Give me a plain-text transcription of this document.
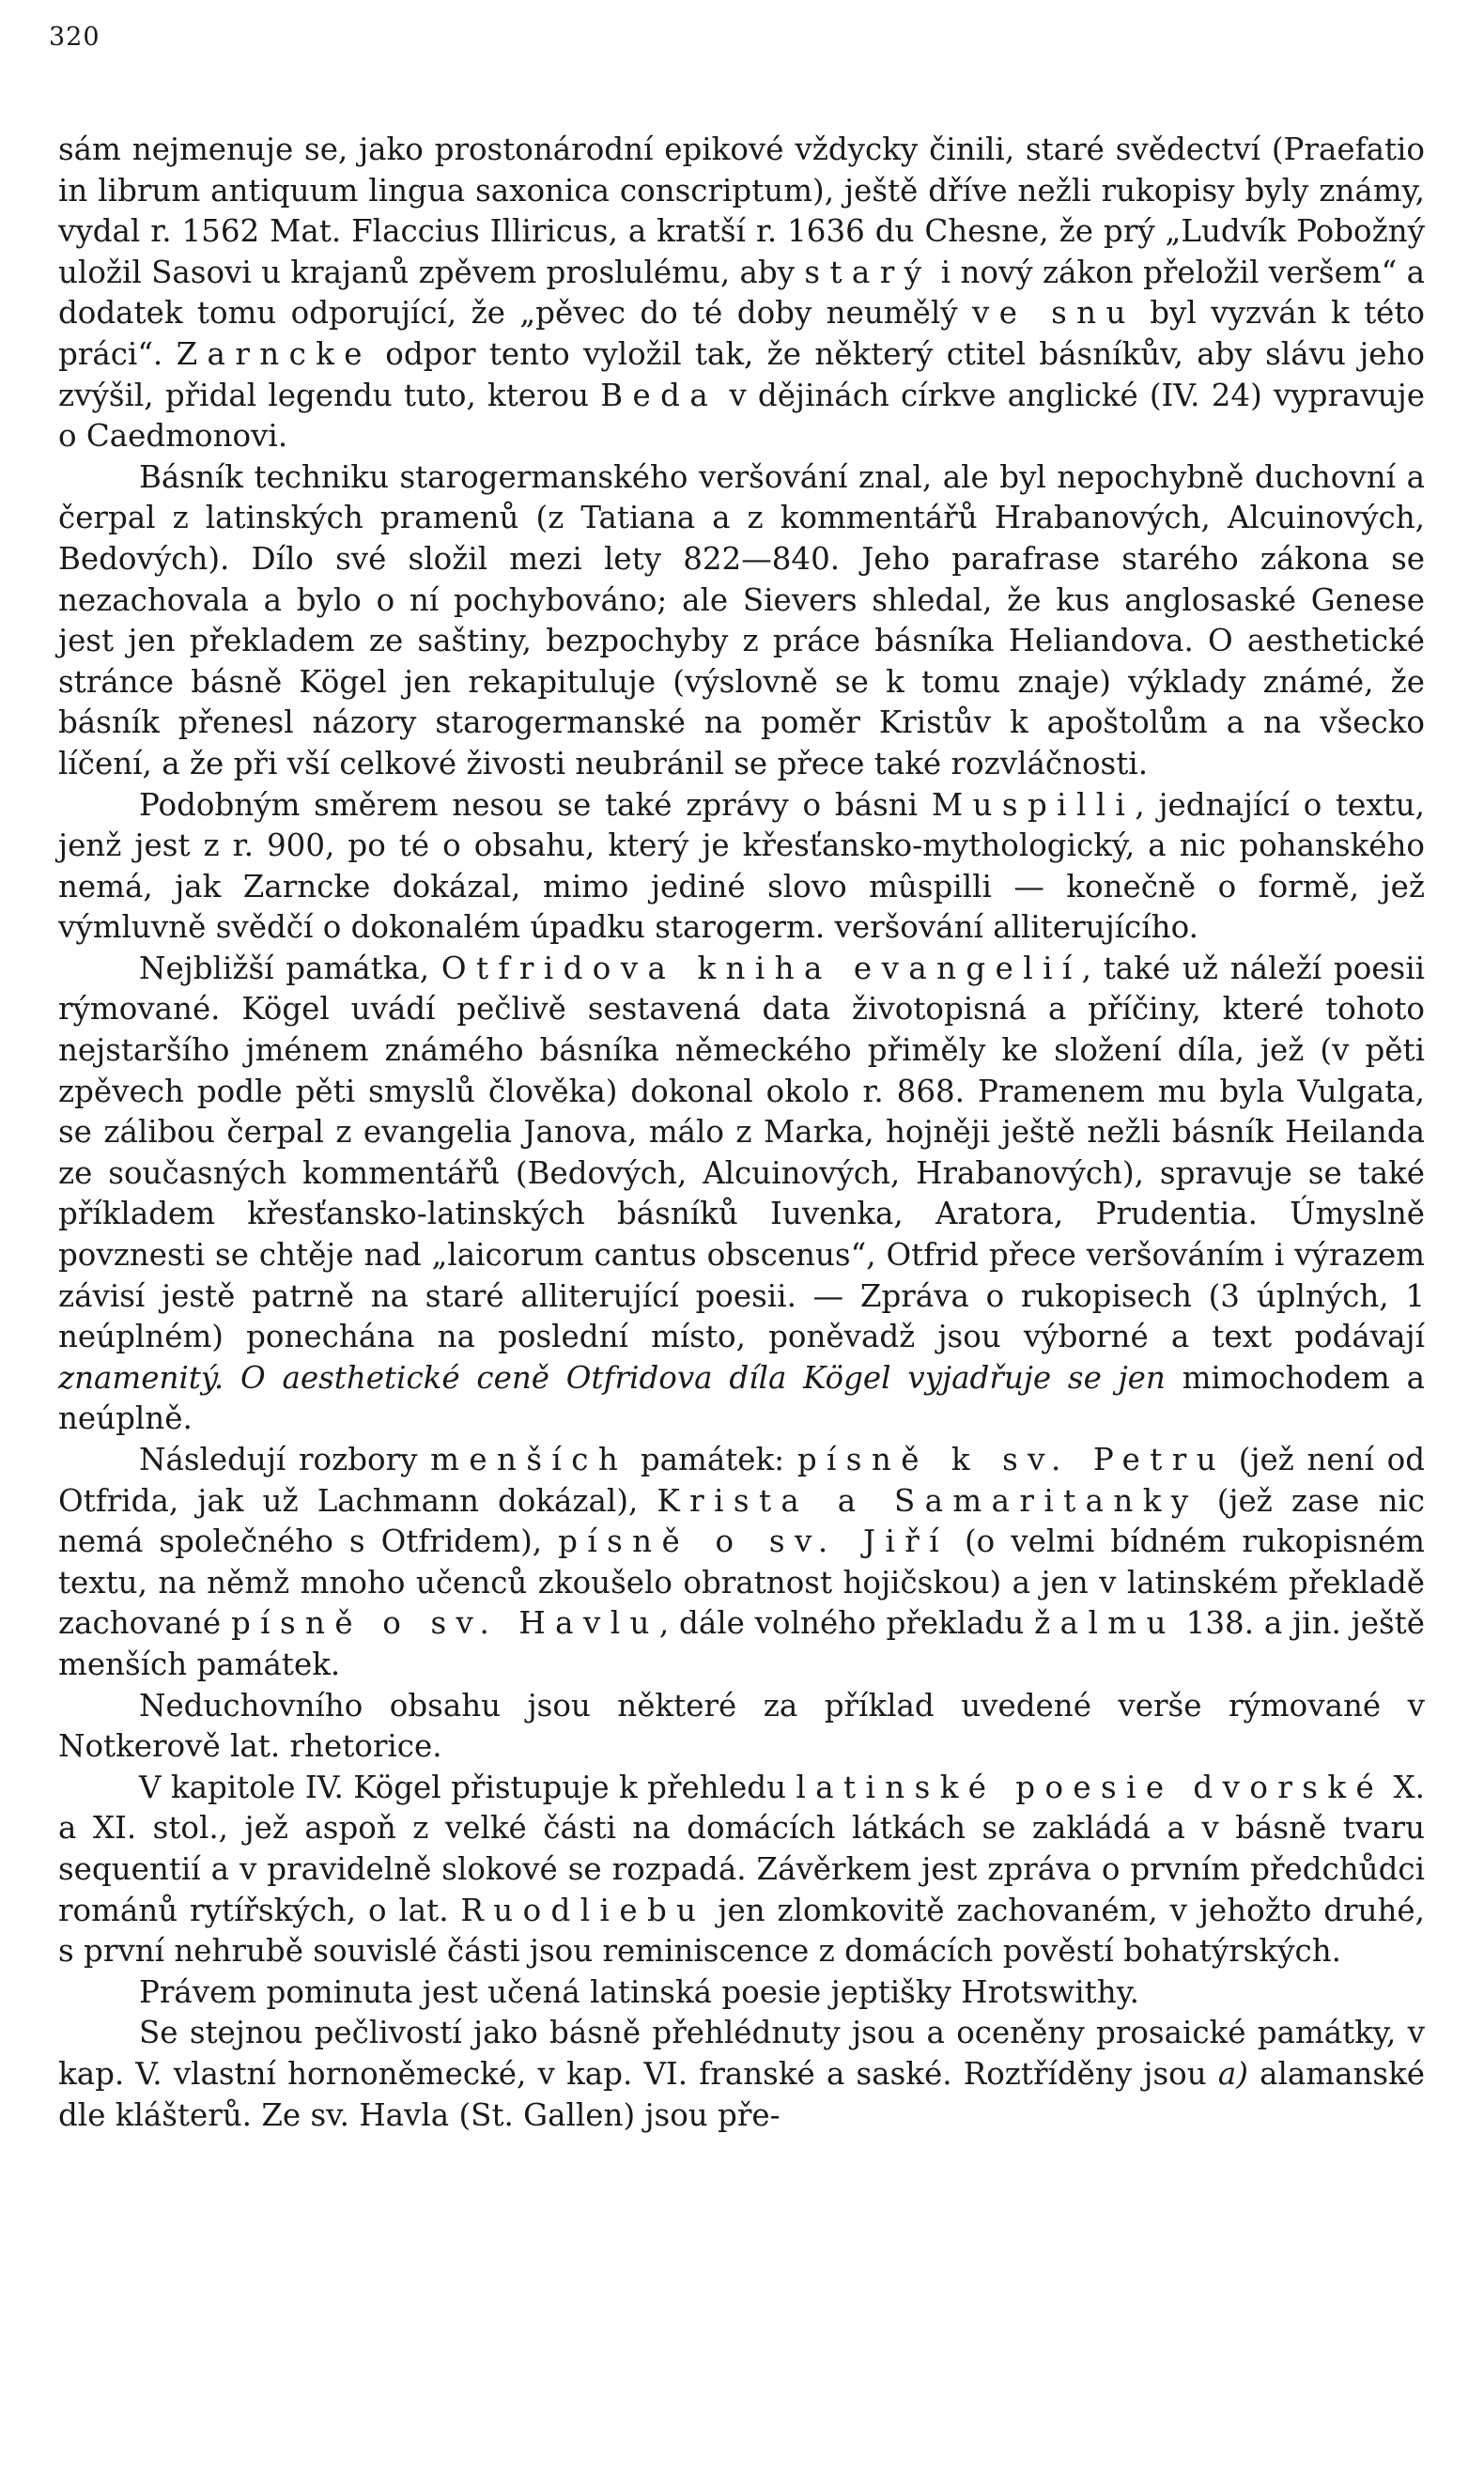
320

sám nejmenuje se, jako prostonárodní epikové vždycky činili, staré svědectví (Praefatio in librum antiquum lingua saxonica conscriptum), ještě dříve nežli rukopisy byly známy, vydal r. 1562 Mat. Flaccius Illiricus, a kratší r. 1636 du Chesne, že prý „Ludvík Pobožný uložil Sasovi u krajanů zpěvem proslulému, aby starý i nový zákon přeložil veršem“ a dodatek tomu odporující, že „pěvec do té doby neumělý ve snu byl vyzván k této práci“. Zarncke odpor tento vyložil tak, že některý ctitel básníkův, aby slávu jeho zvýšil, přidal legendu tuto, kterou Beda v dějinách církve anglické (IV. 24) vypravuje o Caedmonovi.

Básník techniku starogermanského veršování znal, ale byl nepochybně duchovní a čerpal z latinských pramenů (z Tatiana a z kommentářů Hrabanových, Alcuinových, Bedových). Dílo své složil mezi lety 822—840. Jeho parafrase starého zákona se nezachovala a bylo o ní pochybováno; ale Sievers shledal, že kus anglosaské Genese jest jen překladem ze saštiny, bezpochyby z práce básníka Heliandova. O aesthetické stránce básně Kögel jen rekapituluje (výslovně se k tomu znaje) výklady známé, že básník přenesl názory starogermanské na poměr Kristův k apoštolům a na všecko líčení, a že při vší celkové živosti neubránil se přece také rozvláčnosti.

Podobným směrem nesou se také zprávy o básni Muspilli, jednající o textu, jenž jest z r. 900, po té o obsahu, který je křesťansko-mythologický, a nic pohanského nemá, jak Zarncke dokázal, mimo jediné slovo mûspilli — konečně o formě, jež výmluvně svědčí o dokonalém úpadku starogerm. veršování alliterujícího.

Nejbližší památka, Otfridova kniha evangelií, také už náleží poesii rýmované. Kögel uvádí pečlivě sestavená data životopisná a příčiny, které tohoto nejstaršího jménem známého básníka německého přiměly ke složení díla, jež (v pěti zpěvech podle pěti smyslů člověka) dokonal okolo r. 868. Pramenem mu byla Vulgata, se zálibou čerpal z evangelia Janova, málo z Marka, hojněji ještě nežli básník Heilanda ze současných kommentářů (Bedových, Alcuinových, Hrabanových), spravuje se také příkladem křesťansko-latinských básníků Iuvenka, Aratora, Prudentia. Úmyslně povznesti se chtěje nad „laicorum cantus obscenus“, Otfrid přece veršováním i výrazem závisí jestě patrně na staré alliterující poesii. — Zpráva o rukopisech (3 úplných, 1 neúplném) ponechána na poslední místo, poněvadž jsou výborné a text podávají znamenitý. O aesthetické ceně Otfridova díla Kögel vyjadřuje se jen mimochodem a neúplně.

Následují rozbory menších památek: písně k sv. Petru (jež není od Otfrida, jak už Lachmann dokázal), Krista a Samaritanky (jež zase nic nemá společného s Otfridem), písně o sv. Jiří (o velmi bídném rukopisném textu, na němž mnoho učenců zkoušelo obratnost hojičskou) a jen v latinském překladě zachované písně o sv. Havlu, dále volného překladu žalmu 138. a jin. ještě menších památek.

Neduchovního obsahu jsou některé za příklad uvedené verše rýmované v Notkerově lat. rhetorice.

V kapitole IV. Kögel přistupuje k přehledu latinské poesie dvorské X. a XI. stol., jež aspoň z velké části na domácích látkách se zakládá a v básně tvaru sequentií a v pravidelně slokové se rozpadá. Závěrkem jest zpráva o prvním předchůdci románů rytířských, o lat. Ruodliebu jen zlomkovitě zachovaném, v jehožto druhé, s první nehrubě souvislé části jsou reminiscence z domácích pověstí bohatýrských.

Právem pominuta jest učená latinská poesie jeptišky Hrotswithy.

Se stejnou pečlivostí jako básně přehlédnuty jsou a oceněny prosaické památky, v kap. V. vlastní hornoněmecké, v kap. VI. franské a saské. Roztříděny jsou a) alamanské dle klášterů. Ze sv. Havla (St. Gallen) jsou pře-
